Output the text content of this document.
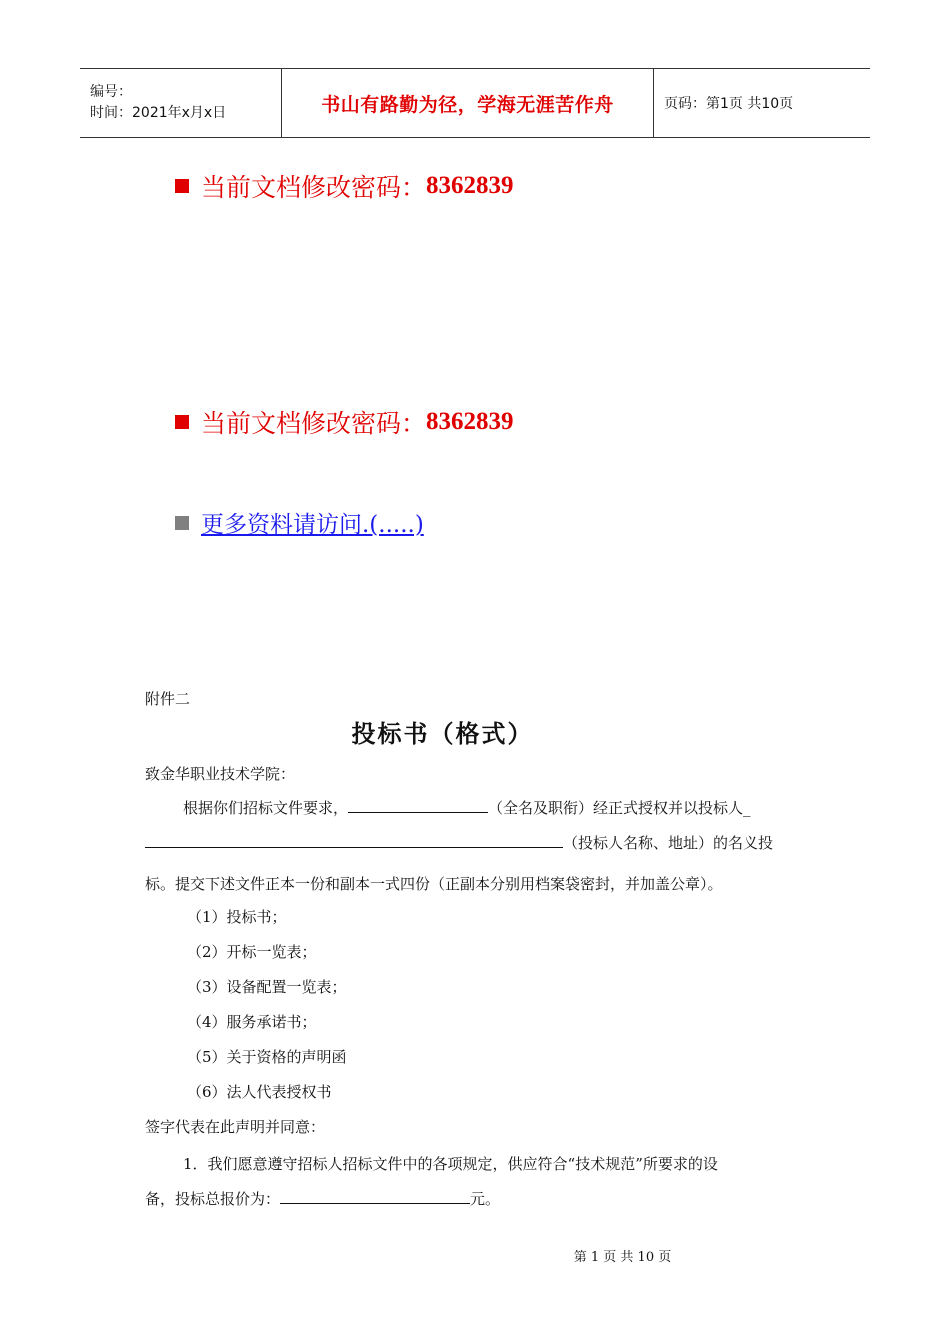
编号：
时间：2021年x月x日	书山有路勤为径，学海无涯苦作舟	页码：第1页 共10页
当前文档修改密码： 8362839
当前文档修改密码： 8362839
更多资料请访问.(.....)
附件二
投标书（格式）
致金华职业技术学院：
根据你们招标文件要求，	（全名及职衔）经正式授权并以投标人_
（投标人名称、地址）的名义投
标。提交下述文件正本一份和副本一式四份（正副本分别用档案袋密封，并加盖公章）。
（1）投标书；
（2）开标一览表；
（3）设备配置一览表；
（4）服务承诺书；
（5）关于资格的声明函
（6）法人代表授权书
签字代表在此声明并同意：
1．我们愿意遵守招标人招标文件中的各项规定，供应符合“技术规范”所要求的设
备，投标总报价为：	元。
第 1 页 共 10 页
